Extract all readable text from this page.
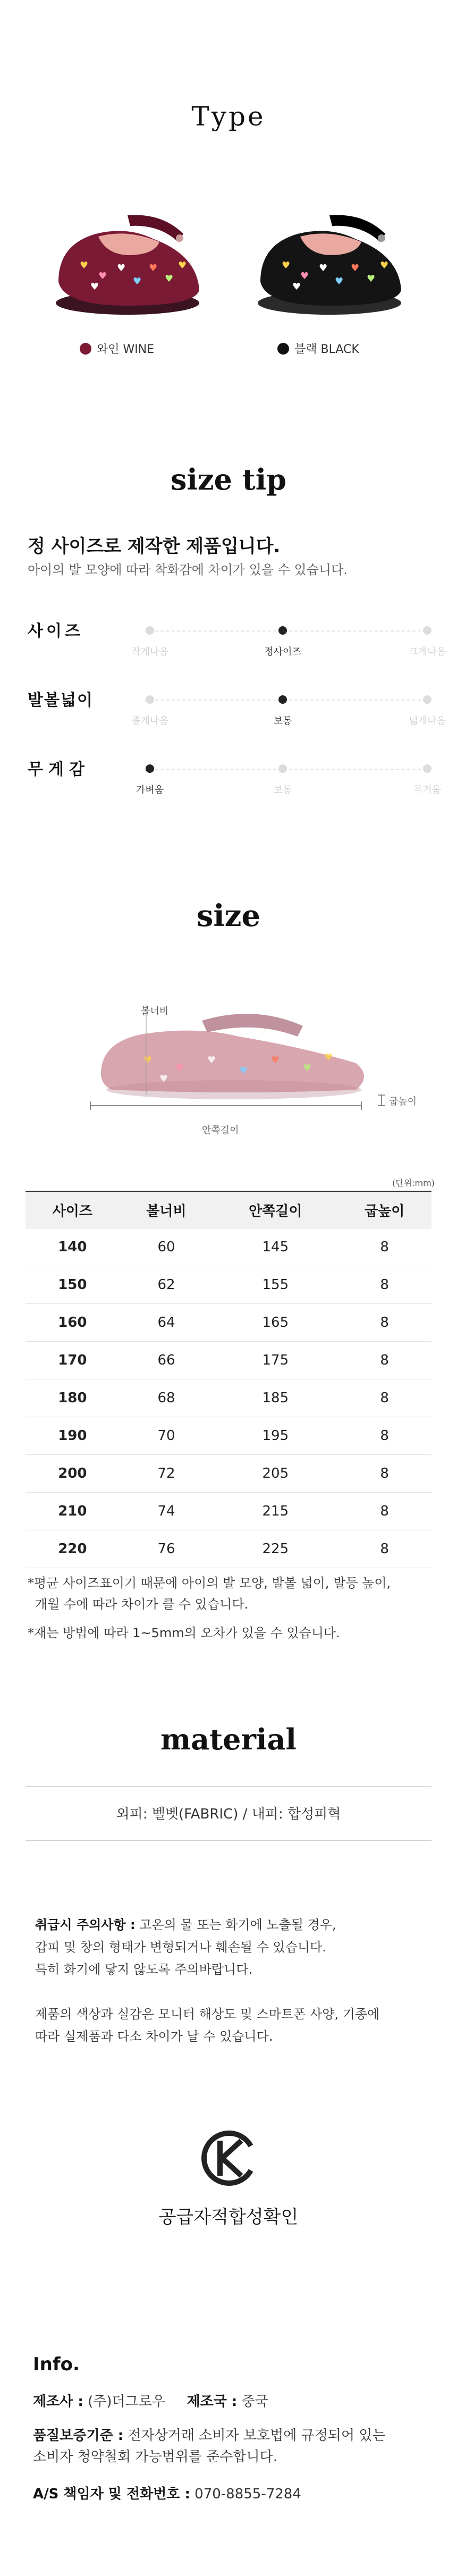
Type
♥
♥
♥
♥
♥
♥
♥
♥	♥
♥
♥
♥
♥
♥
♥
♥
와인 WINE	블랙 BLACK
size tip
정 사이즈로 제작한 제품입니다.
아이의 발 모양에 따라 착화감에 차이가 있을 수 있습니다.
사이즈
작게나옴	정사이즈	크게나옴
발볼넓이
좁게나옴	보통	넓게나옴
무게감
가벼움	보통	무거움
size
♥
♥
♥
♥
♥
♥
♥
♥
볼너비
굽높이
안쪽길이
(단위:mm)
사이즈	볼너비	안쪽길이	굽높이
140	60	145	8
150	62	155	8
160	64	165	8
170	66	175	8
180	68	185	8
190	70	195	8
200	72	205	8
210	74	215	8
220	76	225	8
*평균 사이즈표이기 때문에 아이의 발 모양, 발볼 넓이, 발등 높이,
개월 수에 따라 차이가 클 수 있습니다.
*재는 방법에 따라 1~5mm의 오차가 있을 수 있습니다.
material
외피: 벨벳(FABRIC) / 내피: 합성피혁
취급시 주의사항 : 고온의 물 또는 화기에 노출될 경우,
갑피 및 창의 형태가 변형되거나 훼손될 수 있습니다.
특히 화기에 닿지 않도록 주의바랍니다.
제품의 색상과 실감은 모니터 해상도 및 스마트폰 사양, 기종에
따라 실제품과 다소 차이가 날 수 있습니다.
공급자적합성확인
Info.
제조사 : (주)더그로우 제조국 : 중국
품질보증기준 : 전자상거래 소비자 보호법에 규정되어 있는
소비자 청약철회 가능범위를 준수합니다.
A/S 책임자 및 전화번호 : 070-8855-7284
